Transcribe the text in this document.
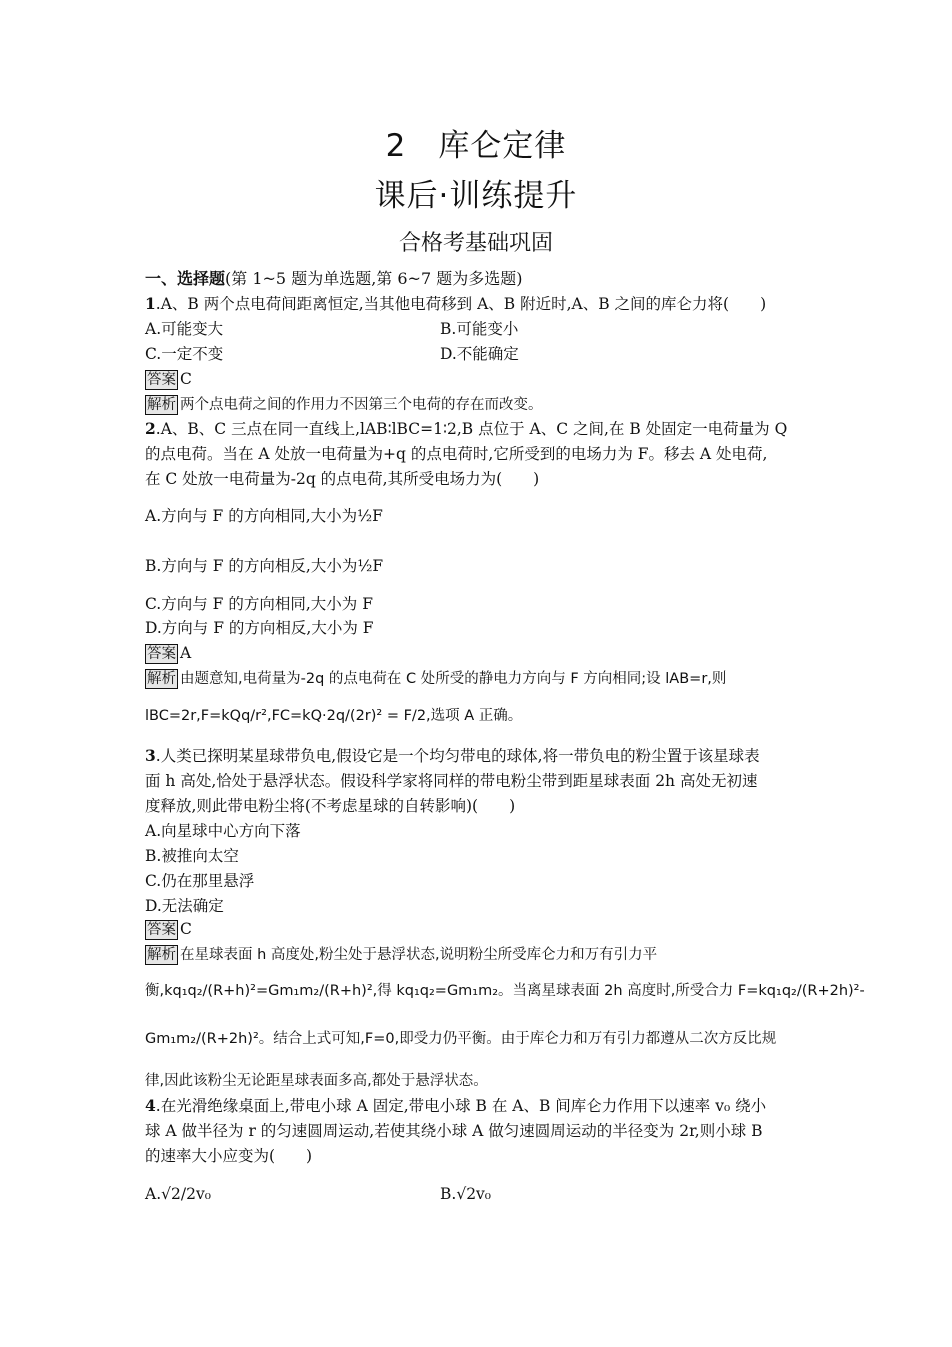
2　库仑定律
课后·训练提升
合格考基础巩固
一、选择题(第 1~5 题为单选题,第 6~7 题为多选题)
1.A、B 两个点电荷间距离恒定,当其他电荷移到 A、B 附近时,A、B 之间的库仑力将(　　)
A.可能变大	B.可能变小
C.一定不变	D.不能确定
答案 C
解析 两个点电荷之间的作用力不因第三个电荷的存在而改变。
2.A、B、C 三点在同一直线上,lAB∶lBC=1∶2,B 点位于 A、C 之间,在 B 处固定一电荷量为 Q
的点电荷。当在 A 处放一电荷量为+q 的点电荷时,它所受到的电场力为 F。移去 A 处电荷,
在 C 处放一电荷量为-2q 的点电荷,其所受电场力为(　　)
A.方向与 F 的方向相同,大小为½F
B.方向与 F 的方向相反,大小为½F
C.方向与 F 的方向相同,大小为 F
D.方向与 F 的方向相反,大小为 F
答案 A
解析 由题意知,电荷量为-2q 的点电荷在 C 处所受的静电力方向与 F 方向相同;设 lAB=r,则
lBC=2r,F=kQq/r²,FC=kQ·2q/(2r)² = F/2,选项 A 正确。
3.人类已探明某星球带负电,假设它是一个均匀带电的球体,将一带负电的粉尘置于该星球表
面 h 高处,恰处于悬浮状态。假设科学家将同样的带电粉尘带到距星球表面 2h 高处无初速
度释放,则此带电粉尘将(不考虑星球的自转影响)(　　)
A.向星球中心方向下落
B.被推向太空
C.仍在那里悬浮
D.无法确定
答案 C
解析 在星球表面 h 高度处,粉尘处于悬浮状态,说明粉尘所受库仑力和万有引力平
衡,kq₁q₂/(R+h)²=Gm₁m₂/(R+h)²,得 kq₁q₂=Gm₁m₂。当离星球表面 2h 高度时,所受合力 F=kq₁q₂/(R+2h)²-
Gm₁m₂/(R+2h)²。结合上式可知,F=0,即受力仍平衡。由于库仑力和万有引力都遵从二次方反比规
律,因此该粉尘无论距星球表面多高,都处于悬浮状态。
4.在光滑绝缘桌面上,带电小球 A 固定,带电小球 B 在 A、B 间库仑力作用下以速率 v₀ 绕小
球 A 做半径为 r 的匀速圆周运动,若使其绕小球 A 做匀速圆周运动的半径变为 2r,则小球 B
的速率大小应变为(　　)
A.√2/2v₀	B.√2v₀
